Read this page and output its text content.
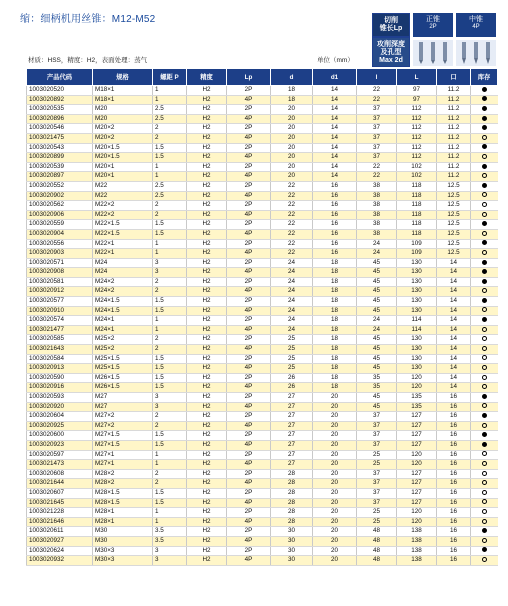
缩：细柄机用丝锥：M12-M52	切削
锥长Lp
攻削深度
及孔型
Max 2d
正锥	中锥
2P	4P
材质：HSS，精度：H2，表面处理：蒸气	单位（mm）
产品代码	规格	螺距 P	精度	Lp	d	d1	l	L	口	库存
1003020520	M18×1	1	H2	2P	18	14	22	97	11.2	
1003020892	M18×1	1	H2	4P	18	14	22	97	11.2	
1003020535	M20	2.5	H2	2P	20	14	37	112	11.2	
1003020896	M20	2.5	H2	4P	20	14	37	112	11.2	
1003020546	M20×2	2	H2	2P	20	14	37	112	11.2	
1003021475	M20×2	2	H2	4P	20	14	37	112	11.2	
1003020543	M20×1.5	1.5	H2	2P	20	14	37	112	11.2	
1003020899	M20×1.5	1.5	H2	4P	20	14	37	112	11.2	
1003020539	M20×1	1	H2	2P	20	14	22	102	11.2	
1003020897	M20×1	1	H2	4P	20	14	22	102	11.2	
1003020552	M22	2.5	H2	2P	22	16	38	118	12.5	
1003020902	M22	2.5	H2	4P	22	16	38	118	12.5	
1003020562	M22×2	2	H2	2P	22	16	38	118	12.5	
1003020906	M22×2	2	H2	4P	22	16	38	118	12.5	
1003020559	M22×1.5	1.5	H2	2P	22	16	38	118	12.5	
1003020904	M22×1.5	1.5	H2	4P	22	16	38	118	12.5	
1003020556	M22×1	1	H2	2P	22	16	24	109	12.5	
1003020903	M22×1	1	H2	4P	22	16	24	109	12.5	
1003020571	M24	3	H2	2P	24	18	45	130	14	
1003020908	M24	3	H2	4P	24	18	45	130	14	
1003020581	M24×2	2	H2	2P	24	18	45	130	14	
1003020912	M24×2	2	H2	4P	24	18	45	130	14	
1003020577	M24×1.5	1.5	H2	2P	24	18	45	130	14	
1003020910	M24×1.5	1.5	H2	4P	24	18	45	130	14	
1003020574	M24×1	1	H2	2P	24	18	24	114	14	
1003021477	M24×1	1	H2	4P	24	18	24	114	14	
1003020585	M25×2	2	H2	2P	25	18	45	130	14	
1003021643	M25×2	2	H2	4P	25	18	45	130	14	
1003020584	M25×1.5	1.5	H2	2P	25	18	45	130	14	
1003020913	M25×1.5	1.5	H2	4P	25	18	45	130	14	
1003020590	M26×1.5	1.5	H2	2P	26	18	35	120	14	
1003020916	M26×1.5	1.5	H2	4P	26	18	35	120	14	
1003020593	M27	3	H2	2P	27	20	45	135	16	
1003020920	M27	3	H2	4P	27	20	45	135	16	
1003020604	M27×2	2	H2	2P	27	20	37	127	16	
1003020925	M27×2	2	H2	4P	27	20	37	127	16	
1003020600	M27×1.5	1.5	H2	2P	27	20	37	127	16	
1003020923	M27×1.5	1.5	H2	4P	27	20	37	127	16	
1003020597	M27×1	1	H2	2P	27	20	25	120	16	
1003021473	M27×1	1	H2	4P	27	20	25	120	16	
1003020608	M28×2	2	H2	2P	28	20	37	127	16	
1003021644	M28×2	2	H2	4P	28	20	37	127	16	
1003020607	M28×1.5	1.5	H2	2P	28	20	37	127	16	
1003021645	M28×1.5	1.5	H2	4P	28	20	37	127	16	
1003021228	M28×1	1	H2	2P	28	20	25	120	16	
1003021646	M28×1	1	H2	4P	28	20	25	120	16	
1003020611	M30	3.5	H2	2P	30	20	48	138	16	
1003020927	M30	3.5	H2	4P	30	20	48	138	16	
1003020624	M30×3	3	H2	2P	30	20	48	138	16	
1003020932	M30×3	3	H2	4P	30	20	48	138	16	
